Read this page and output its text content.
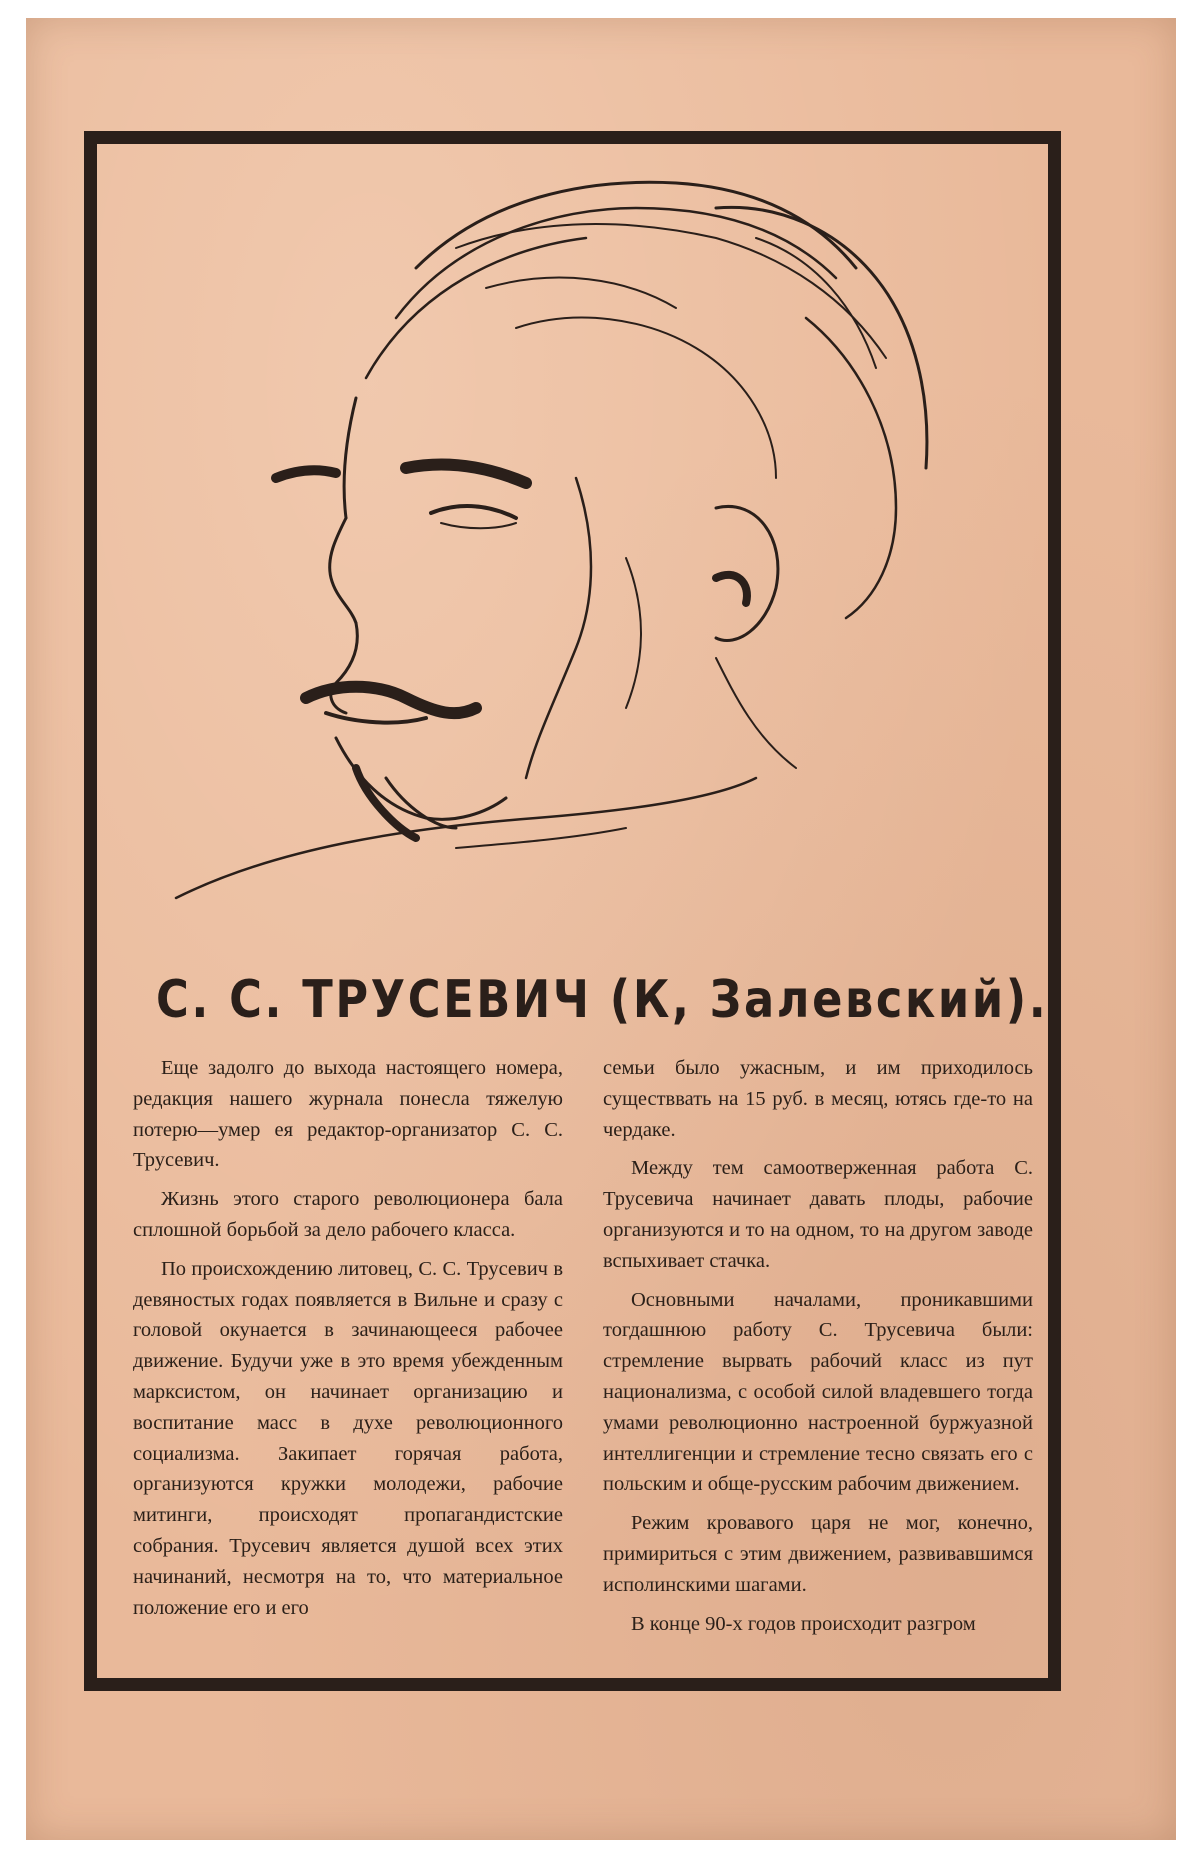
С. С. ТРУСЕВИЧ (К, Залевский).

Еще задолго до выхода настоящего номера, редакция нашего журнала понесла тяжелую потерю—умер ея редактор-организатор С. С. Трусевич.

Жизнь этого старого революционера бала сплошной борьбой за дело рабочего класса.

По происхождению литовец, С. С. Трусевич в девяностых годах появляется в Вильне и сразу с головой окунается в зачинающееся рабочее движение. Будучи уже в это время убежденным марксистом, он начинает организацию и воспитание масс в духе революционного социализма. Закипает горячая работа, организуются кружки молодежи, рабочие митинги, происходят пропагандистские собрания. Трусевич является душой всех этих начинаний, несмотря на то, что материальное положение его и его

семьи было ужасным, и им приходилось существвать на 15 руб. в месяц, ютясь где-то на чердаке.

Между тем самоотверженная работа С. Трусевича начинает давать плоды, рабочие организуются и то на одном, то на другом заводе вспыхивает стачка.

Основными началами, проникавшими тогдашнюю работу С. Трусевича были: стремление вырвать рабочий класс из пут национализма, с особой силой владевшего тогда умами революционно настроенной буржуазной интеллигенции и стремление тесно связать его с польским и обще-русским рабочим движением.

Режим кровавого царя не мог, конечно, примириться с этим движением, развивавшимся исполинскими шагами.

В конце 90-х годов происходит разгром
